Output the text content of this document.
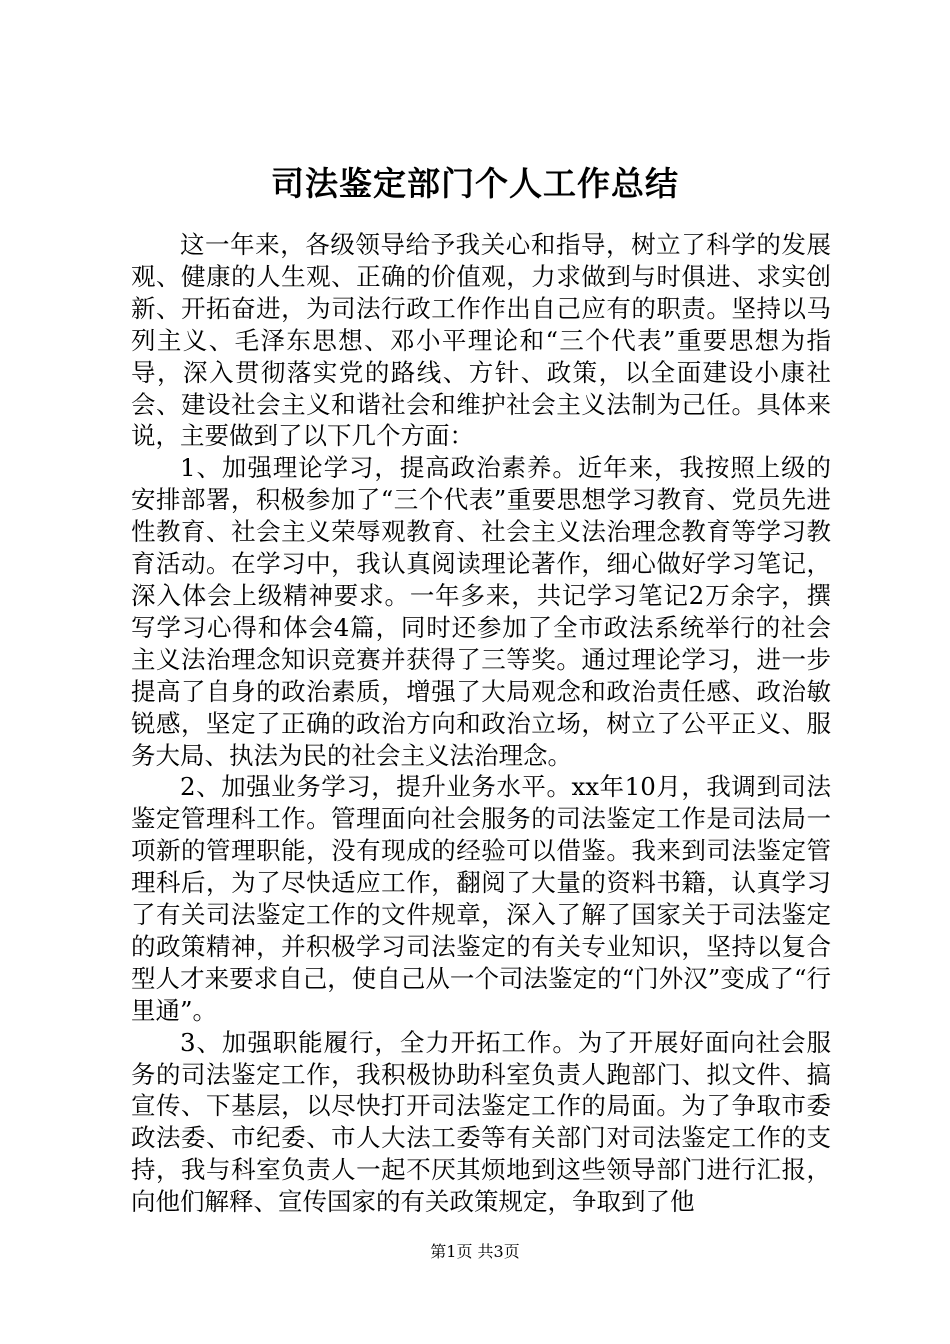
司法鉴定部门个人工作总结

这一年来，各级领导给予我关心和指导，树立了科学的发展观、健康的人生观、正确的价值观，力求做到与时俱进、求实创新、开拓奋进，为司法行政工作作出自己应有的职责。坚持以马列主义、毛泽东思想、邓小平理论和“三个代表”重要思想为指导，深入贯彻落实党的路线、方针、政策，以全面建设小康社会、建设社会主义和谐社会和维护社会主义法制为己任。具体来说，主要做到了以下几个方面：

1、加强理论学习，提高政治素养。近年来，我按照上级的安排部署，积极参加了“三个代表”重要思想学习教育、党员先进性教育、社会主义荣辱观教育、社会主义法治理念教育等学习教育活动。在学习中，我认真阅读理论著作，细心做好学习笔记，深入体会上级精神要求。一年多来，共记学习笔记2万余字，撰写学习心得和体会4篇，同时还参加了全市政法系统举行的社会主义法治理念知识竞赛并获得了三等奖。通过理论学习，进一步提高了自身的政治素质，增强了大局观念和政治责任感、政治敏锐感，坚定了正确的政治方向和政治立场，树立了公平正义、服务大局、执法为民的社会主义法治理念。

2、加强业务学习，提升业务水平。xx年10月，我调到司法鉴定管理科工作。管理面向社会服务的司法鉴定工作是司法局一项新的管理职能，没有现成的经验可以借鉴。我来到司法鉴定管理科后，为了尽快适应工作，翻阅了大量的资料书籍，认真学习了有关司法鉴定工作的文件规章，深入了解了国家关于司法鉴定的政策精神，并积极学习司法鉴定的有关专业知识，坚持以复合型人才来要求自己，使自己从一个司法鉴定的“门外汉”变成了“行里通”。

3、加强职能履行，全力开拓工作。为了开展好面向社会服务的司法鉴定工作，我积极协助科室负责人跑部门、拟文件、搞宣传、下基层，以尽快打开司法鉴定工作的局面。为了争取市委政法委、市纪委、市人大法工委等有关部门对司法鉴定工作的支持，我与科室负责人一起不厌其烦地到这些领导部门进行汇报，向他们解释、宣传国家的有关政策规定，争取到了他

第1页 共3页
